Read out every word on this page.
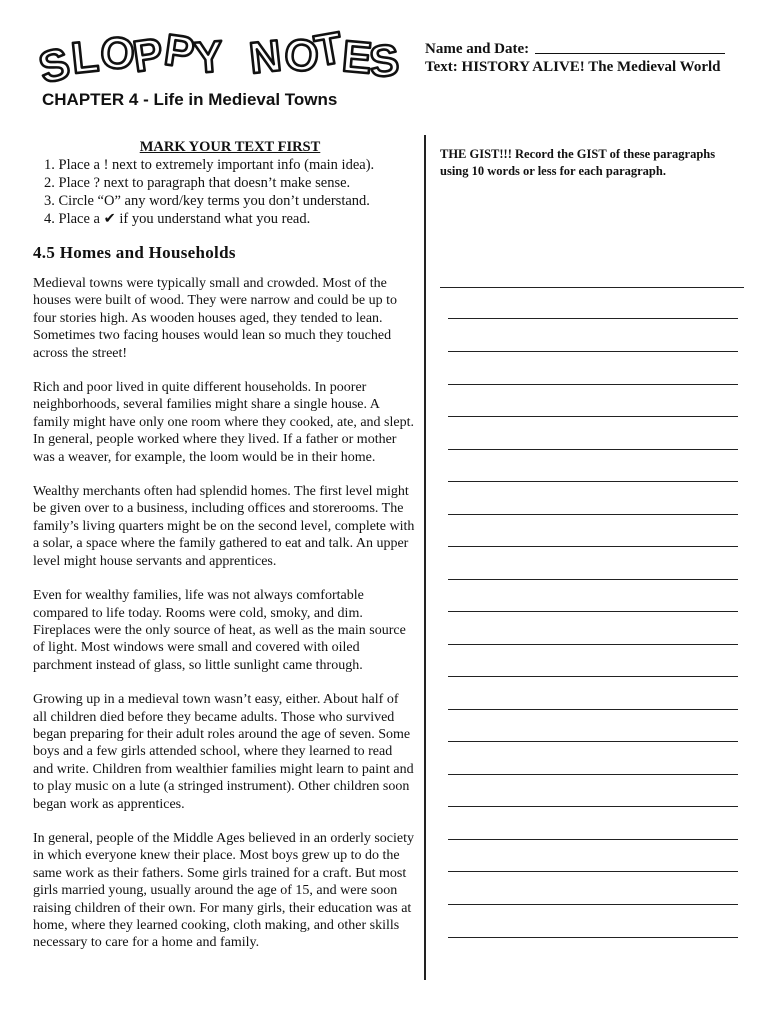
S
L
O
P
P
Y N
O
T
E
S Name and Date:
Text: HISTORY ALIVE! The Medieval World
CHAPTER 4 - Life in Medieval Towns
MARK YOUR TEXT FIRST
1. Place a ! next to extremely important info (main idea).
2. Place ? next to paragraph that doesn’t make sense.
3. Circle “O” any word/key terms you don’t understand.
4. Place a ✔ if you understand what you read.
4.5 Homes and Households

Medieval towns were typically small and crowded. Most of the houses were built of wood. They were narrow and could be up to four stories high. As wooden houses aged, they tended to lean. Sometimes two facing houses would lean so much they touched across the street!

Rich and poor lived in quite different households. In poorer neighborhoods, several families might share a single house. A family might have only one room where they cooked, ate, and slept. In general, people worked where they lived. If a father or mother was a weaver, for example, the loom would be in their home.

Wealthy merchants often had splendid homes. The first level might be given over to a business, including offices and storerooms. The family’s living quarters might be on the second level, complete with a solar, a space where the family gathered to eat and talk. An upper level might house servants and apprentices.

Even for wealthy families, life was not always comfortable compared to life today. Rooms were cold, smoky, and dim. Fireplaces were the only source of heat, as well as the main source of light. Most windows were small and covered with oiled parchment instead of glass, so little sunlight came through.

Growing up in a medieval town wasn’t easy, either. About half of all children died before they became adults. Those who survived began preparing for their adult roles around the age of seven. Some boys and a few girls attended school, where they learned to read and write. Children from wealthier families might learn to paint and to play music on a lute (a stringed instrument). Other children soon began work as apprentices.

In general, people of the Middle Ages believed in an orderly society in which everyone knew their place. Most boys grew up to do the same work as their fathers. Some girls trained for a craft. But most girls married young, usually around the age of 15, and were soon raising children of their own. For many girls, their education was at home, where they learned cooking, cloth making, and other skills necessary to care for a home and family.

THE GIST!!! Record the GIST of these paragraphs using 10 words or less for each paragraph.
